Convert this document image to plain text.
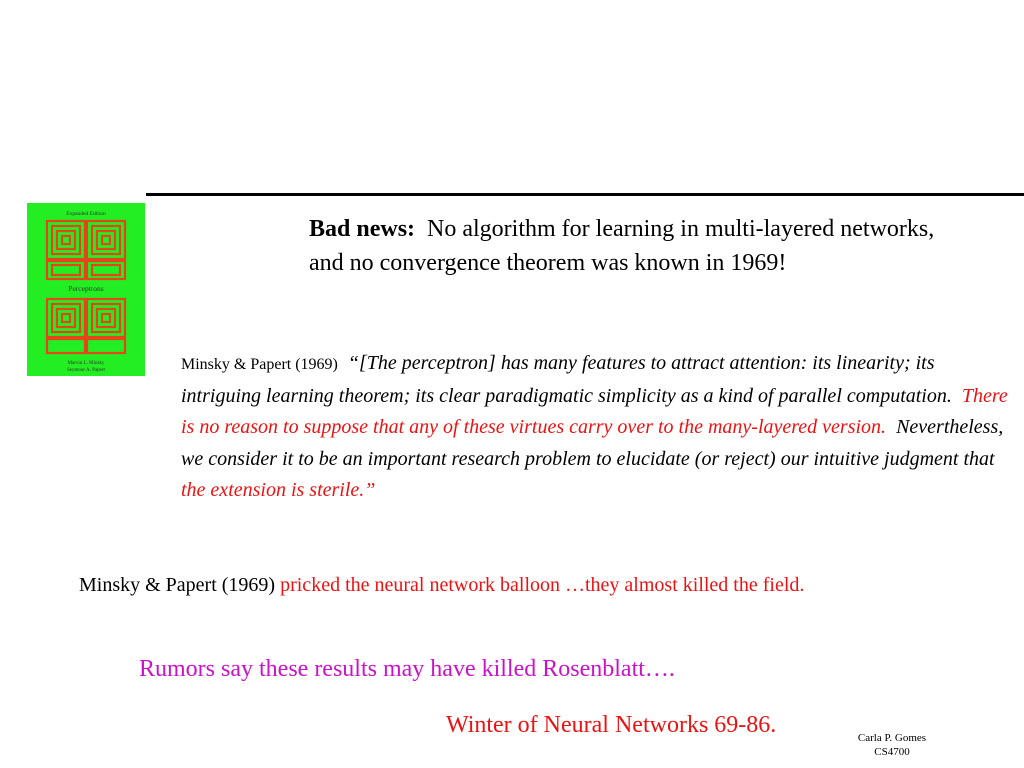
Expanded Edition
Perceptrons
Marvin L. Minsky
Seymour A. Papert
Bad news: No algorithm for learning in multi-layered networks, and no convergence theorem was known in 1969!
Minsky & Papert (1969) “[The perceptron] has many features to attract attention: its linearity; its intriguing learning theorem; its clear paradigmatic simplicity as a kind of parallel computation. There is no reason to suppose that any of these virtues carry over to the many-layered version. Nevertheless, we consider it to be an important research problem to elucidate (or reject) our intuitive judgment that the extension is sterile.”
Minsky & Papert (1969) pricked the neural network balloon …they almost killed the field.
Rumors say these results may have killed Rosenblatt….
Winter of Neural Networks 69-86.	Carla P. Gomes
CS4700
